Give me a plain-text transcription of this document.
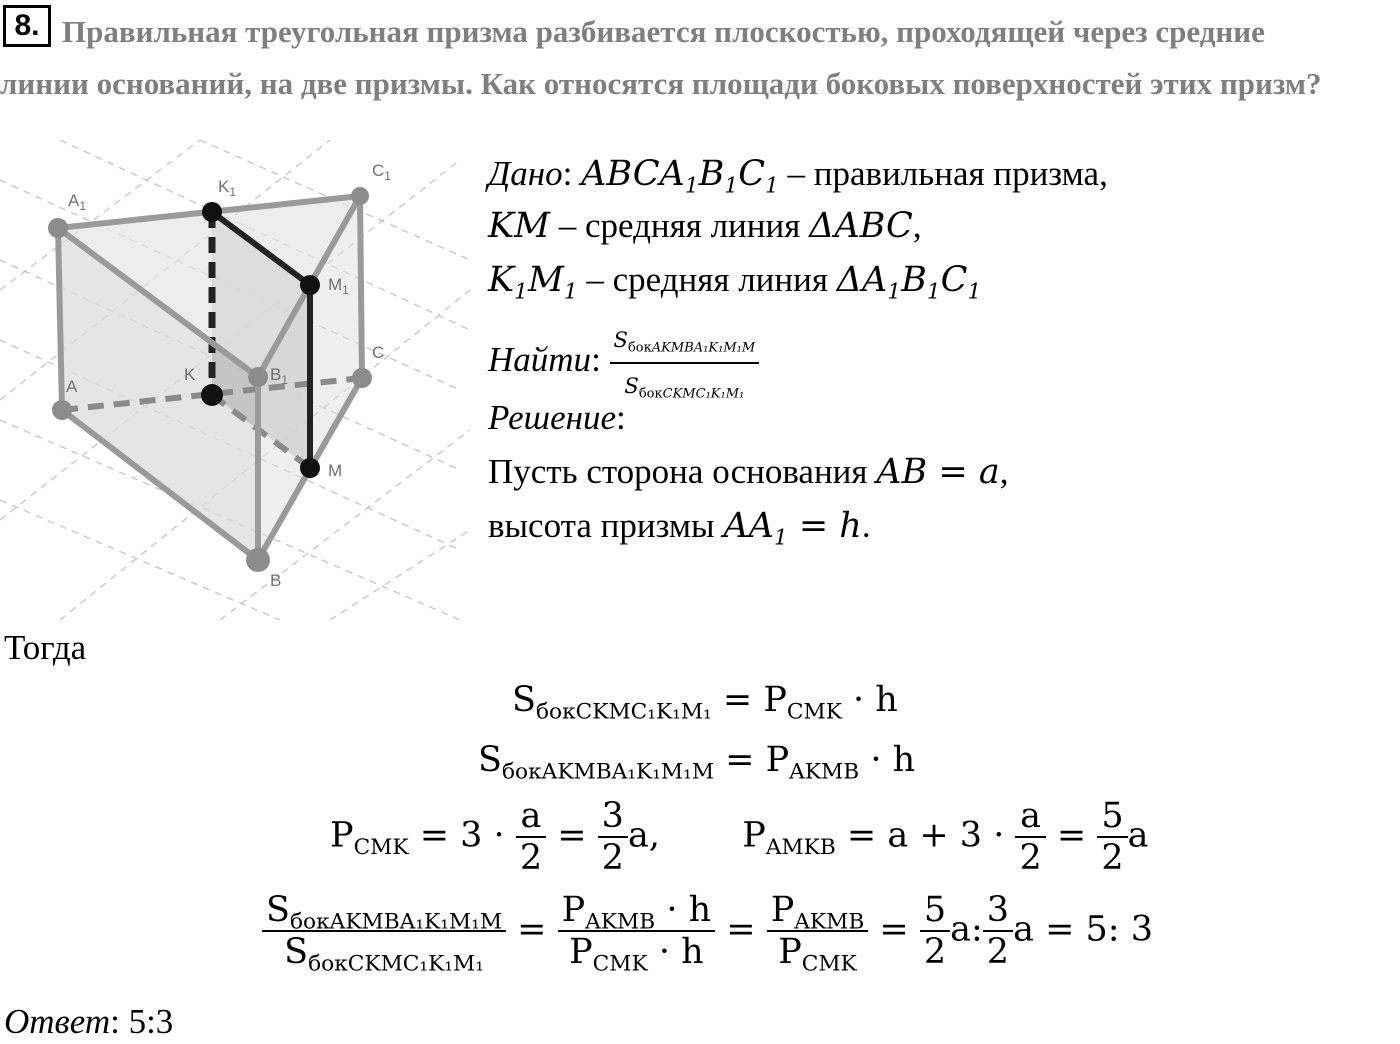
8. Правильная треугольная призма разбивается плоскостью, проходящей через средние
линии оснований, на две призмы. Как относятся площади боковых поверхностей этих призм?
$A_1$
$K_1$
$C_1$
$M_1$
C
A
K	$B_1$
M
B
Дано: $ABCA_1B_1C_1$ – правильная призма,
KM – средняя линия ΔABC,
$K_1M_1$ – средняя линия $\Delta A_1B_1C_1$
Найти: $\frac{S_{бокAKMBA_1K_1M_1M}}{S_{бокCKMC_1K_1M_1}}$
Решение:
Пусть сторона основания AB = a,
высота призмы $AA_1 = h$.
Тогда
$S_{бокCKMC_1K_1M_1} = P_{CMK} \cdot h$
$S_{бокAKMBA_1K_1M_1M} = P_{AKMB} \cdot h$
$P_{CMK} = 3 \cdot \frac{a}{2} = \frac{3}{2} a$,  $P_{AMKB} = a + 3 \cdot \frac{a}{2} = \frac{5}{2}$ a
$\frac{S_{бокAKMBA_1K_1M_1M}}{S_{бокCKMC_1K_1M_1}} = \frac{P_{AKMB} \cdot h}{P_{CMK} \cdot h} = \frac{P_{AKMB}}{P_{CMK}} = \frac{5}{2} a$: $\frac{3}{2}$ a = 5: 3
Ответ: 5:3
